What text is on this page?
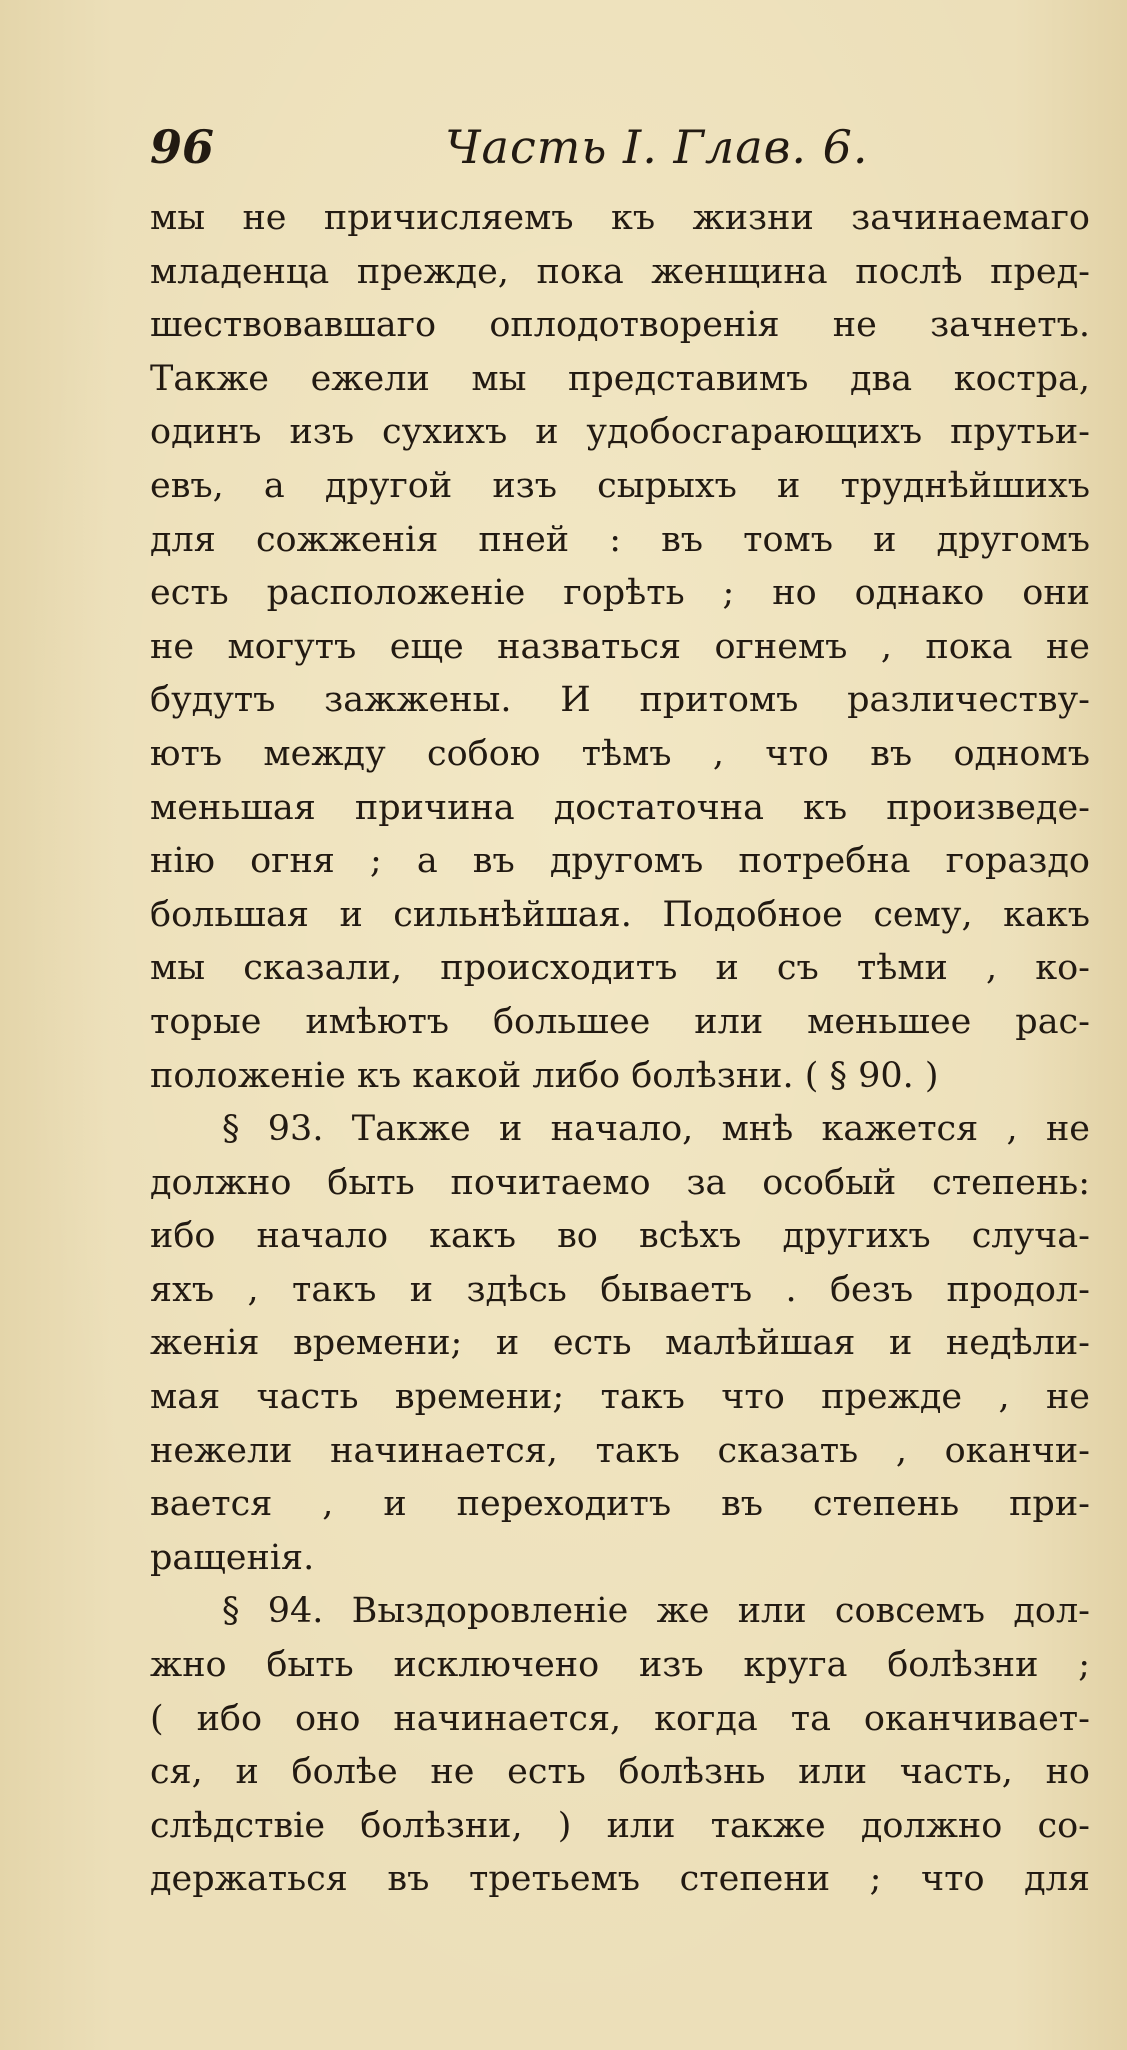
96	Часть I. Глав. 6.
мы не причисляемъ къ жизни зачинаемаго
младенца прежде, пока женщина послѣ пред-
шествовавшаго оплодотворенія не зачнетъ.
Также ежели мы представимъ два костра,
одинъ изъ сухихъ и удобосгарающихъ прутьи-
евъ, а другой изъ сырыхъ и труднѣйшихъ
для сожженія пней : въ томъ и другомъ
есть расположеніе горѣть ; но однако они
не могутъ еще назваться огнемъ , пока не
будутъ зажжены. И притомъ различеству-
ютъ между собою тѣмъ , что въ одномъ
меньшая причина достаточна къ произведе-
нію огня ; а въ другомъ потребна гораздо
большая и сильнѣйшая. Подобное сему, какъ
мы сказали, происходитъ и съ тѣми , ко-
торые имѣютъ большее или меньшее рас-
положеніе къ какой либо болѣзни. ( § 90. )
§ 93. Также и начало, мнѣ кажется , не
должно быть почитаемо за особый степень:
ибо начало какъ во всѣхъ другихъ случа-
яхъ , такъ и здѣсь бываетъ . безъ продол-
женія времени; и есть малѣйшая и недѣли-
мая часть времени; такъ что прежде , не
нежели начинается, такъ сказать , оканчи-
вается , и переходитъ въ степень при-
ращенія.
§ 94. Выздоровленіе же или совсемъ дол-
жно быть исключено изъ круга болѣзни ;
( ибо оно начинается, когда та оканчивает-
ся, и болѣе не есть болѣзнь или часть, но
слѣдствіе болѣзни, ) или также должно со-
держаться въ третьемъ степени ; что для
